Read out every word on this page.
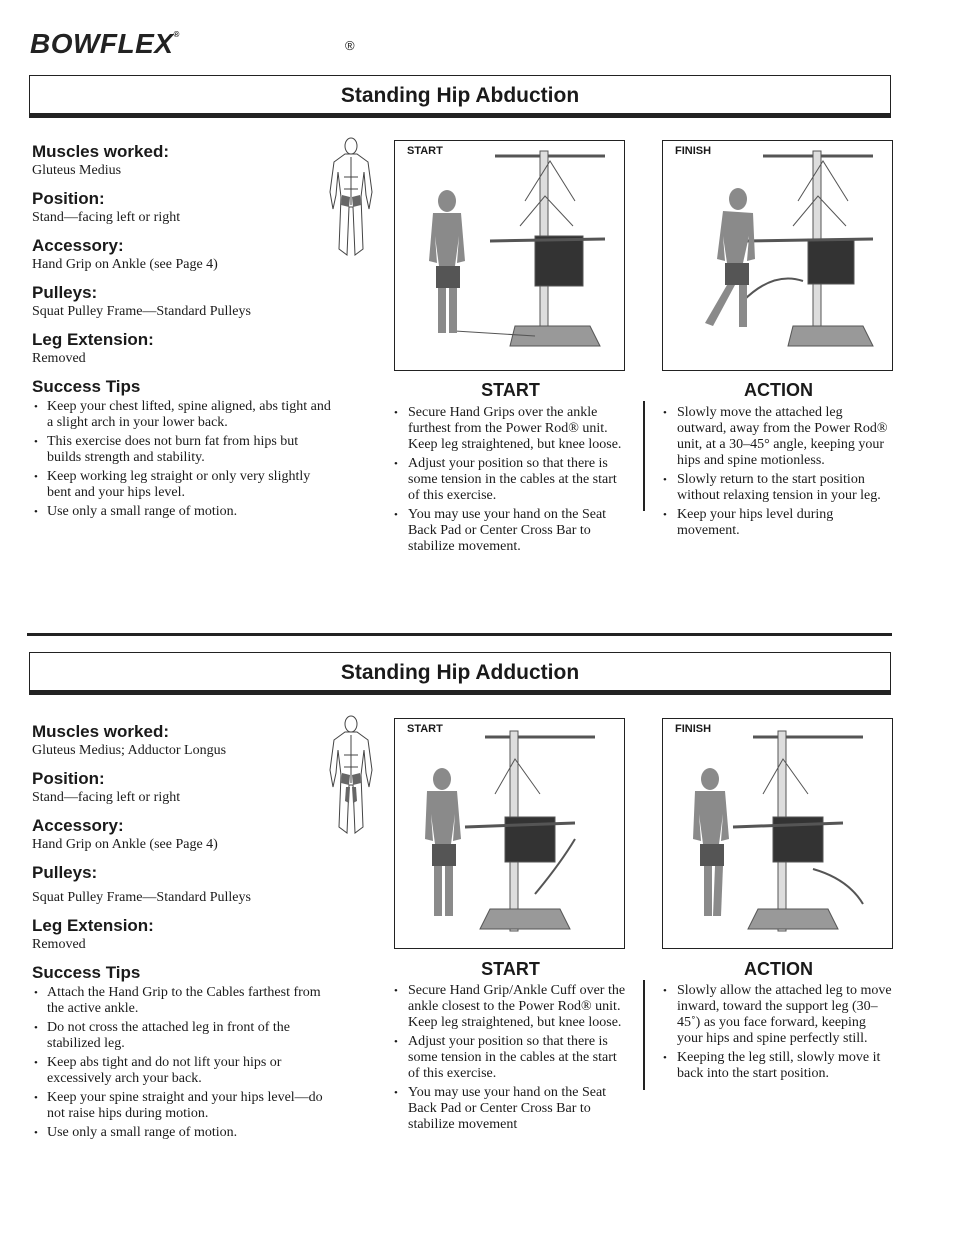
BOWFLEX®
®
Standing Hip Abduction
Muscles worked:

Gluteus Medius

Position:

Stand—facing left or right

Accessory:

Hand Grip on Ankle (see Page 4)

Pulleys:

Squat Pulley Frame—Standard Pulleys

Leg Extension:

Removed

Success Tips
• Keep your chest lifted, spine aligned, abs tight and a slight arch in your lower back.
• This exercise does not burn fat from hips but builds strength and stability.
• Keep working leg straight or only very slightly bent and your hips level.
• Use only a small range of motion.
START	FINISH
START	ACTION
• Secure Hand Grips over the ankle furthest from the Power Rod® unit. Keep leg straightened, but knee loose.
• Adjust your position so that there is some tension in the cables at the start of this exercise.
• You may use your hand on the Seat Back Pad or Center Cross Bar to stabilize movement.
• Slowly move the attached leg outward, away from the Power Rod® unit, at a 30–45° angle, keeping your hips and spine motionless.
• Slowly return to the start position without relaxing tension in your leg.
• Keep your hips level during movement.
Standing Hip Adduction
Muscles worked:

Gluteus Medius; Adductor Longus

Position:

Stand—facing left or right

Accessory:

Hand Grip on Ankle (see Page 4)

Pulleys:

Squat Pulley Frame—Standard Pulleys

Leg Extension:

Removed

Success Tips
• Attach the Hand Grip to the Cables farthest from the active ankle.
• Do not cross the attached leg in front of the stabilized leg.
• Keep abs tight and do not lift your hips or excessively arch your back.
• Keep your spine straight and your hips level—do not raise hips during motion.
• Use only a small range of motion.
START	FINISH
START	ACTION
• Secure Hand Grip/Ankle Cuff over the ankle closest to the Power Rod® unit. Keep leg straightened, but knee loose.
• Adjust your position so that there is some tension in the cables at the start of this exercise.
• You may use your hand on the Seat Back Pad or Center Cross Bar to stabilize movement
• Slowly allow the attached leg to move inward, toward the support leg (30–45˚) as you face forward, keeping your hips and spine perfectly still.
• Keeping the leg still, slowly move it back into the start position.
